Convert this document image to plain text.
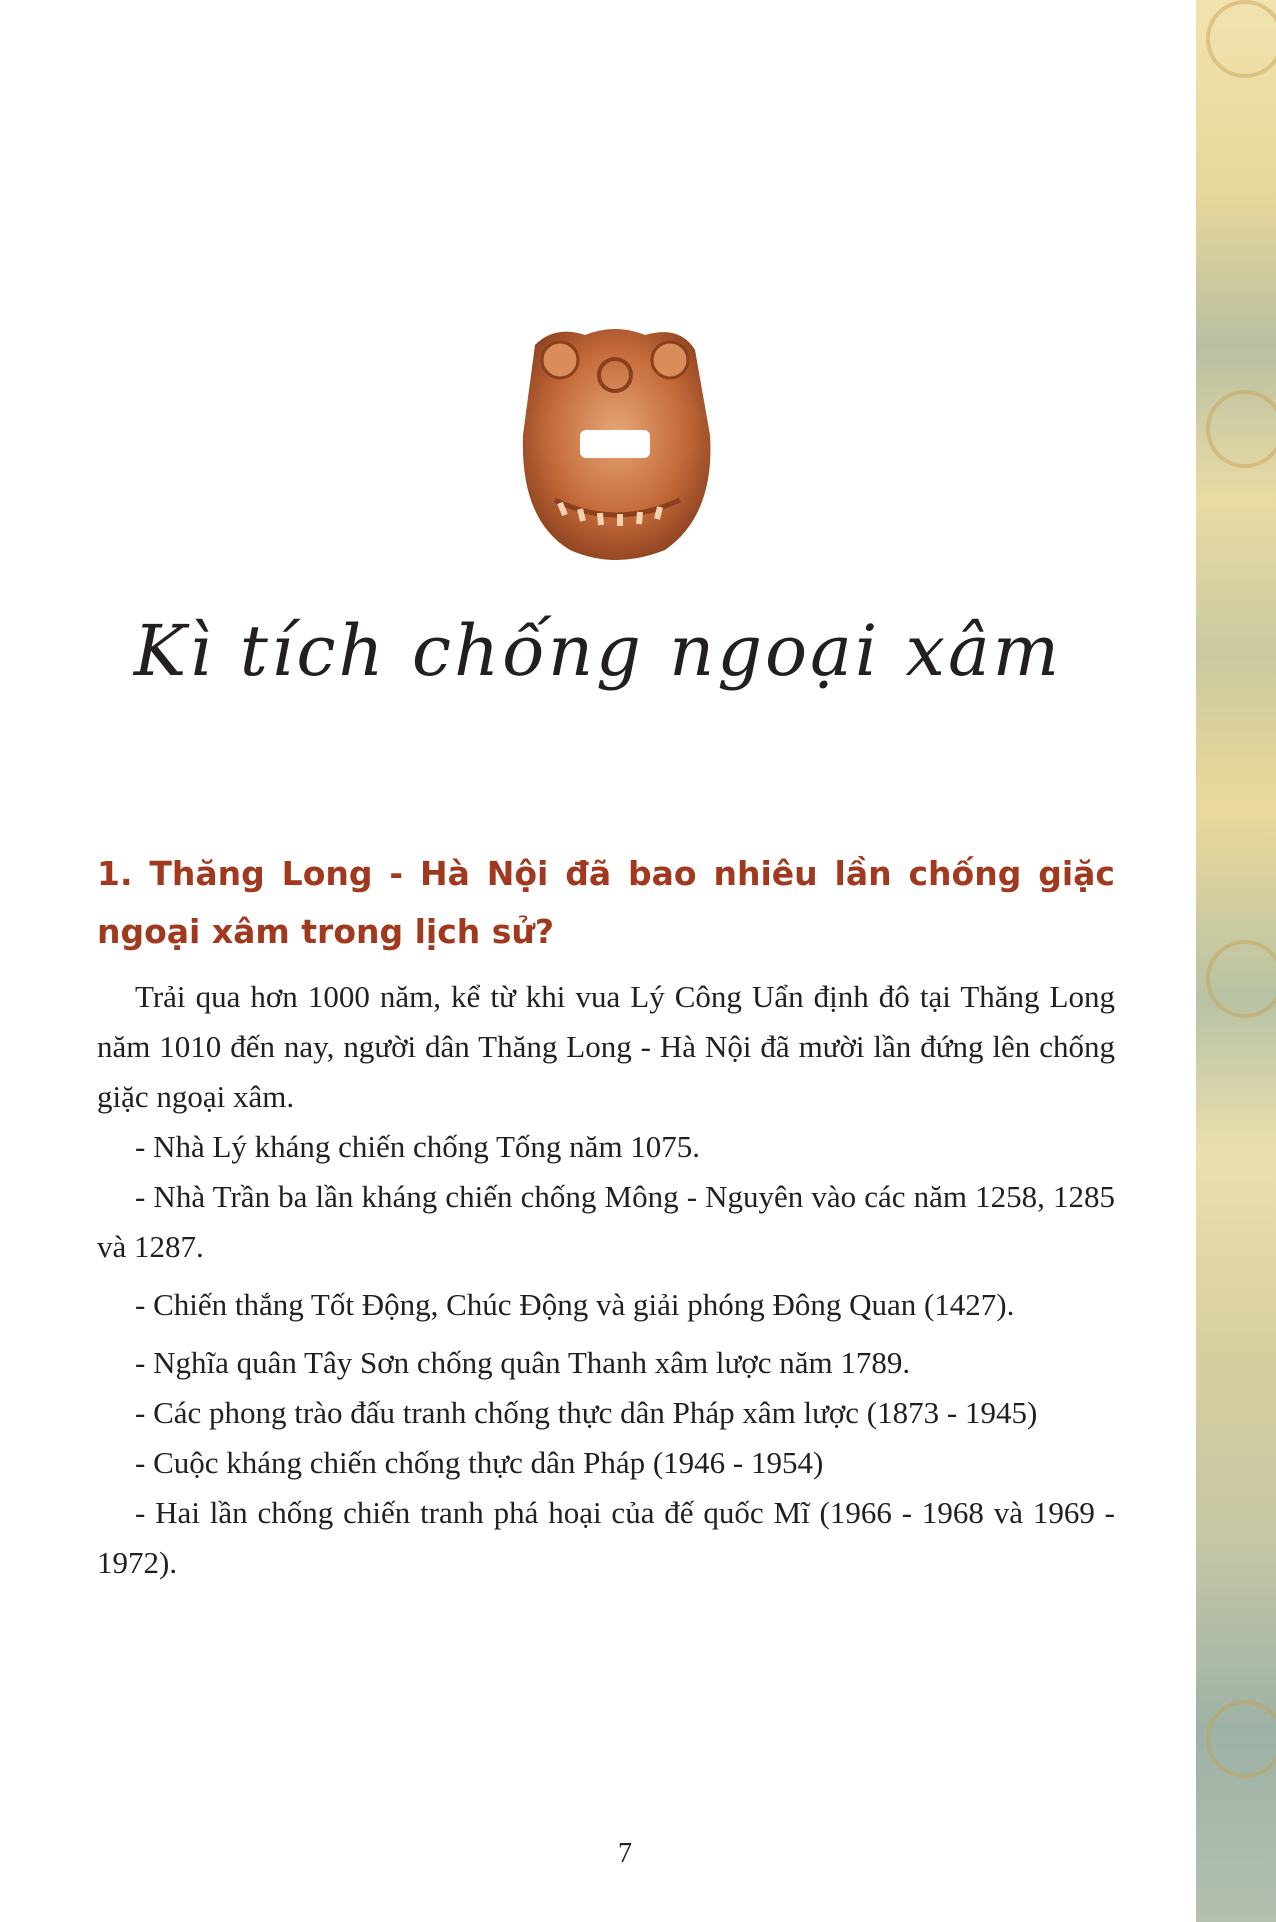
Kì tích chống ngoại xâm
1. Thăng Long - Hà Nội đã bao nhiêu lần chống giặc ngoại xâm trong lịch sử?

Trải qua hơn 1000 năm, kể từ khi vua Lý Công Uẩn định đô tại Thăng Long năm 1010 đến nay, người dân Thăng Long - Hà Nội đã mười lần đứng lên chống giặc ngoại xâm.

- Nhà Lý kháng chiến chống Tống năm 1075.

- Nhà Trần ba lần kháng chiến chống Mông - Nguyên vào các năm 1258, 1285 và 1287.

- Chiến thắng Tốt Động, Chúc Động và giải phóng Đông Quan (1427).

- Nghĩa quân Tây Sơn chống quân Thanh xâm lược năm 1789.

- Các phong trào đấu tranh chống thực dân Pháp xâm lược (1873 - 1945)

- Cuộc kháng chiến chống thực dân Pháp (1946 - 1954)

- Hai lần chống chiến tranh phá hoại của đế quốc Mĩ (1966 - 1968 và 1969 - 1972).

7
